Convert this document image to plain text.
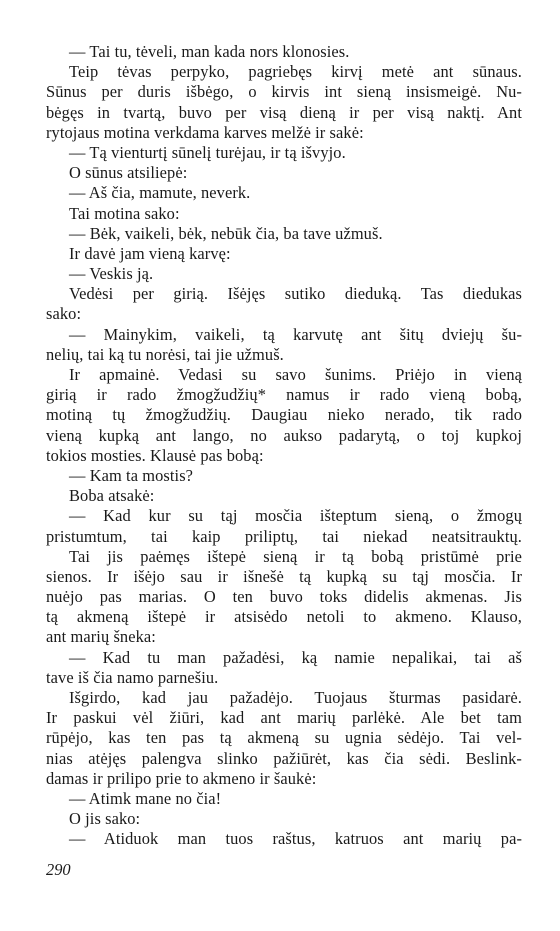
— Tai tu, tėveli, man kada nors klonosies.
Teip tėvas perpyko, pagriebęs kirvį metė ant sūnaus.
Sūnus per duris išbėgo, o kirvis int sieną insismeigė. Nu-
bėgęs in tvartą, buvo per visą dieną ir per visą naktį. Ant
rytojaus motina verkdama karves melžė ir sakė:
— Tą vienturtį sūnelį turėjau, ir tą išvyjo.
O sūnus atsiliepė:
— Aš čia, mamute, neverk.
Tai motina sako:
— Bėk, vaikeli, bėk, nebūk čia, ba tave užmuš.
Ir davė jam vieną karvę:
— Veskis ją.
Vedėsi per girią. Išėjęs sutiko dieduką. Tas diedukas
sako:
— Mainykim, vaikeli, tą karvutę ant šitų dviejų šu-
nelių, tai ką tu norėsi, tai jie užmuš.
Ir apmainė. Vedasi su savo šunims. Priėjo in vieną
girią ir rado žmogžudžių* namus ir rado vieną bobą,
motiną tų žmogžudžių. Daugiau nieko nerado, tik rado
vieną kupką ant lango, no aukso padarytą, o toj kupkoj
tokios mosties. Klausė pas bobą:
— Kam ta mostis?
Boba atsakė:
— Kad kur su tąj mosčia išteptum sieną, o žmogų
pristumtum, tai kaip priliptų, tai niekad neatsitrauktų.
Tai jis paėmęs ištepė sieną ir tą bobą pristūmė prie
sienos. Ir išėjo sau ir išnešė tą kupką su tąj mosčia. Ir
nuėjo pas marias. O ten buvo toks didelis akmenas. Jis
tą akmeną ištepė ir atsisėdo netoli to akmeno. Klauso,
ant marių šneka:
— Kad tu man pažadėsi, ką namie nepalikai, tai aš
tave iš čia namo parnešiu.
Išgirdo, kad jau pažadėjo. Tuojaus šturmas pasidarė.
Ir paskui vėl žiūri, kad ant marių parlėkė. Ale bet tam
rūpėjo, kas ten pas tą akmeną su ugnia sėdėjo. Tai vel-
nias atėjęs palengva slinko pažiūrėt, kas čia sėdi. Beslink-
damas ir prilipo prie to akmeno ir šaukė:
— Atimk mane no čia!
O jis sako:
— Atiduok man tuos raštus, katruos ant marių pa-
290
